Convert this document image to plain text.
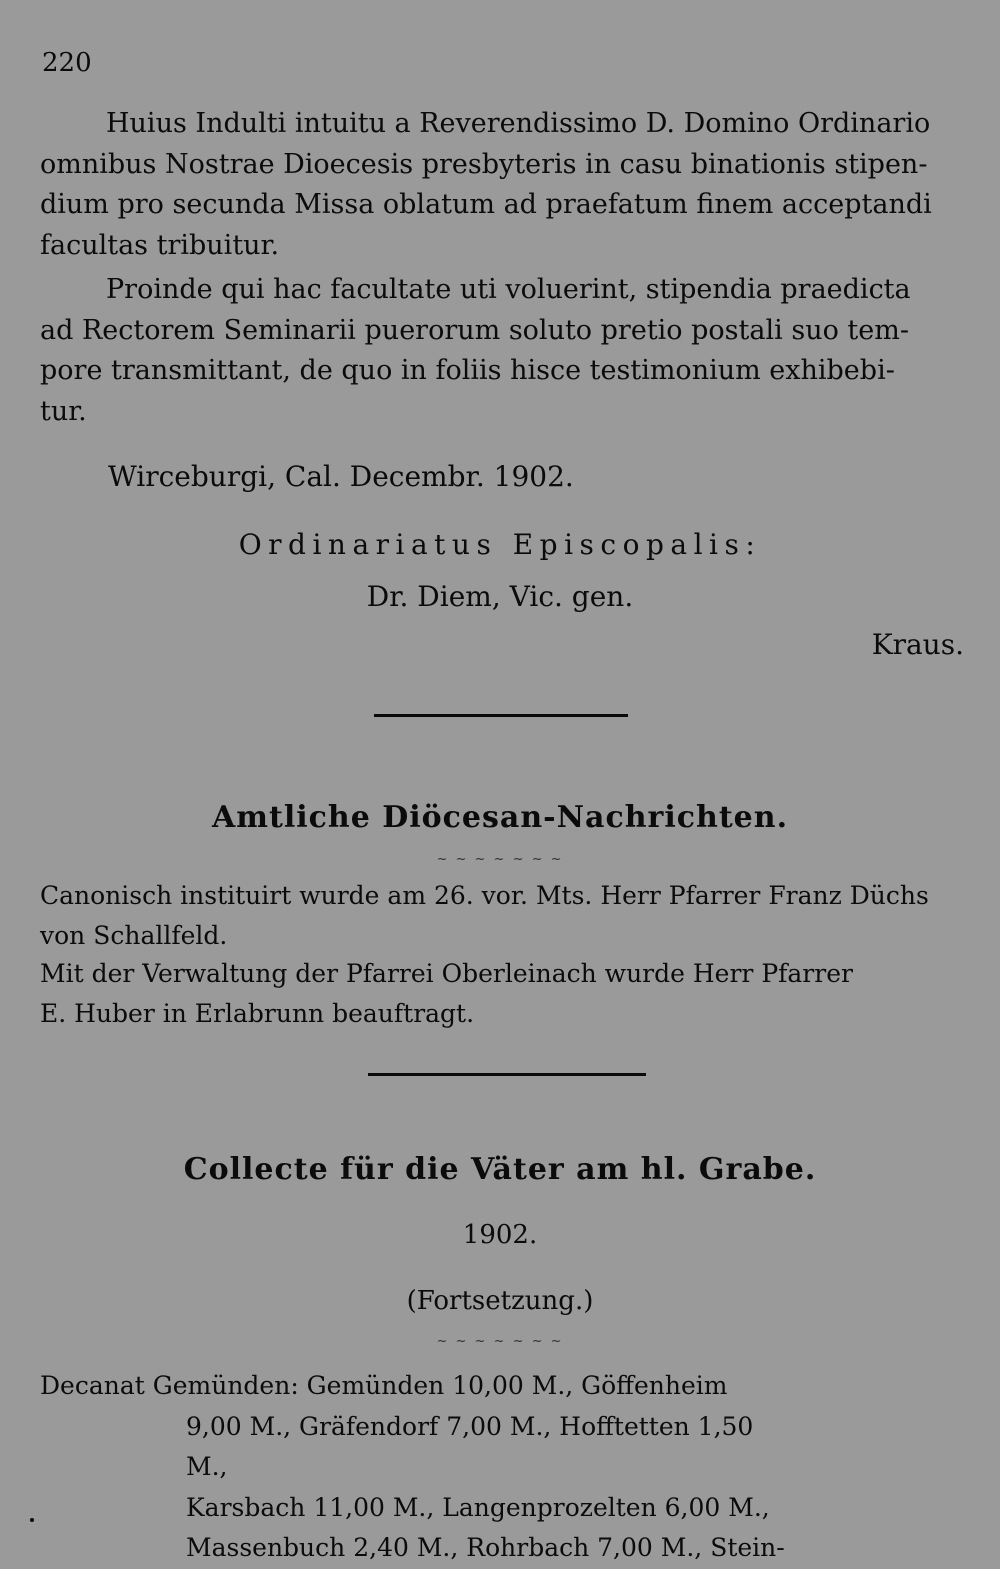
220

Huius Indulti intuitu a Reverendissimo D. Domino Ordinario
omnibus Nostrae Dioecesis presbyteris in casu binationis stipen-
dium pro secunda Missa oblatum ad praefatum finem acceptandi
facultas tribuitur.

Proinde qui hac facultate uti voluerint, stipendia praedicta
ad Rectorem Seminarii puerorum soluto pretio postali suo tem-
pore transmittant, de quo in foliis hisce testimonium exhibebi-
tur.

Wirceburgi, Cal. Decembr. 1902.
Ordinariatus Episcopalis:
Dr. Diem, Vic. gen.
Kraus.
Amtliche Diöcesan-Nachrichten.
~ ~ ~ ~ ~ ~ ~

Canonisch instituirt wurde am 26. vor. Mts. Herr Pfarrer Franz Düchs
von Schallfeld.

Mit der Verwaltung der Pfarrei Oberleinach wurde Herr Pfarrer
E. Huber in Erlabrunn beauftragt.

Collecte für die Väter am hl. Grabe.
1902.
(Fortsetzung.)
~ ~ ~ ~ ~ ~ ~
Decanat Gemünden: Gemünden 10,00 M., Göffenheim

9,00 M., Gräfendorf 7,00 M., Hofftetten 1,50 M.,
Karsbach 11,00 M., Langenprozelten 6,00 M.,
Massenbuch 2,40 M., Rohrbach 7,00 M., Stein-
